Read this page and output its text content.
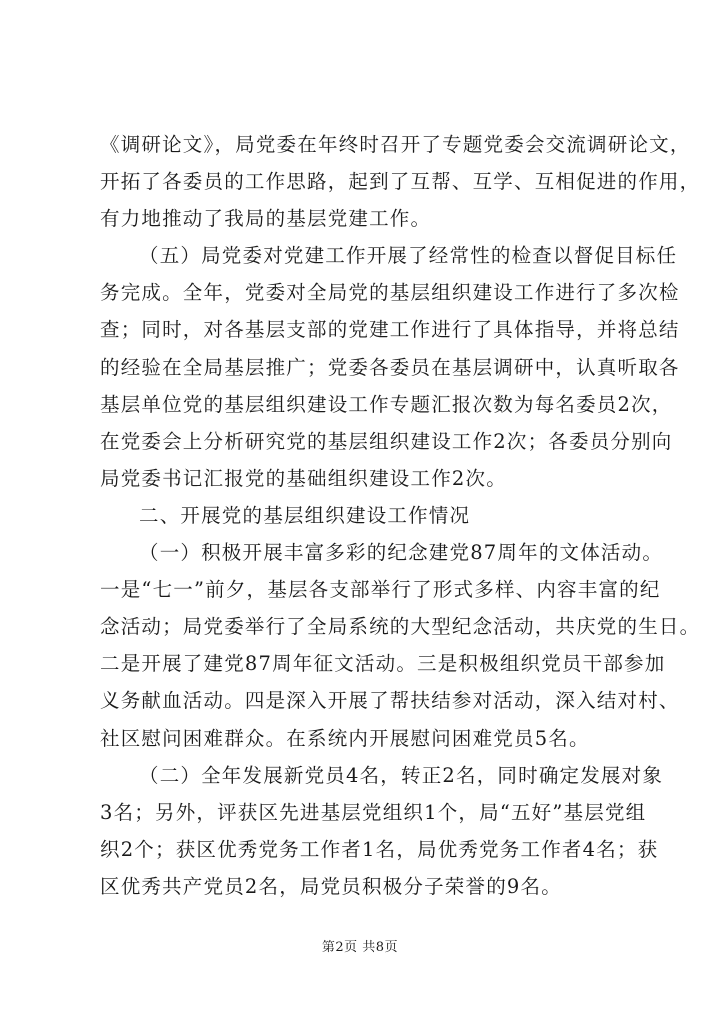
《调研论文》，局党委在年终时召开了专题党委会交流调研论文，
开拓了各委员的工作思路，起到了互帮、互学、互相促进的作用，
有力地推动了我局的基层党建工作。
（五）局党委对党建工作开展了经常性的检查以督促目标任
务完成。全年，党委对全局党的基层组织建设工作进行了多次检
查；同时，对各基层支部的党建工作进行了具体指导，并将总结
的经验在全局基层推广；党委各委员在基层调研中，认真听取各
基层单位党的基层组织建设工作专题汇报次数为每名委员2次，
在党委会上分析研究党的基层组织建设工作2次；各委员分别向
局党委书记汇报党的基础组织建设工作2次。
二、开展党的基层组织建设工作情况
（一）积极开展丰富多彩的纪念建党87周年的文体活动。
一是“七一”前夕，基层各支部举行了形式多样、内容丰富的纪
念活动；局党委举行了全局系统的大型纪念活动，共庆党的生日。
二是开展了建党87周年征文活动。三是积极组织党员干部参加
义务献血活动。四是深入开展了帮扶结参对活动，深入结对村、
社区慰问困难群众。在系统内开展慰问困难党员5名。
（二）全年发展新党员4名，转正2名，同时确定发展对象
3名；另外，评获区先进基层党组织1个，局“五好”基层党组
织2个；获区优秀党务工作者1名，局优秀党务工作者4名；获
区优秀共产党员2名，局党员积极分子荣誉的9名。
第2页 共8页
